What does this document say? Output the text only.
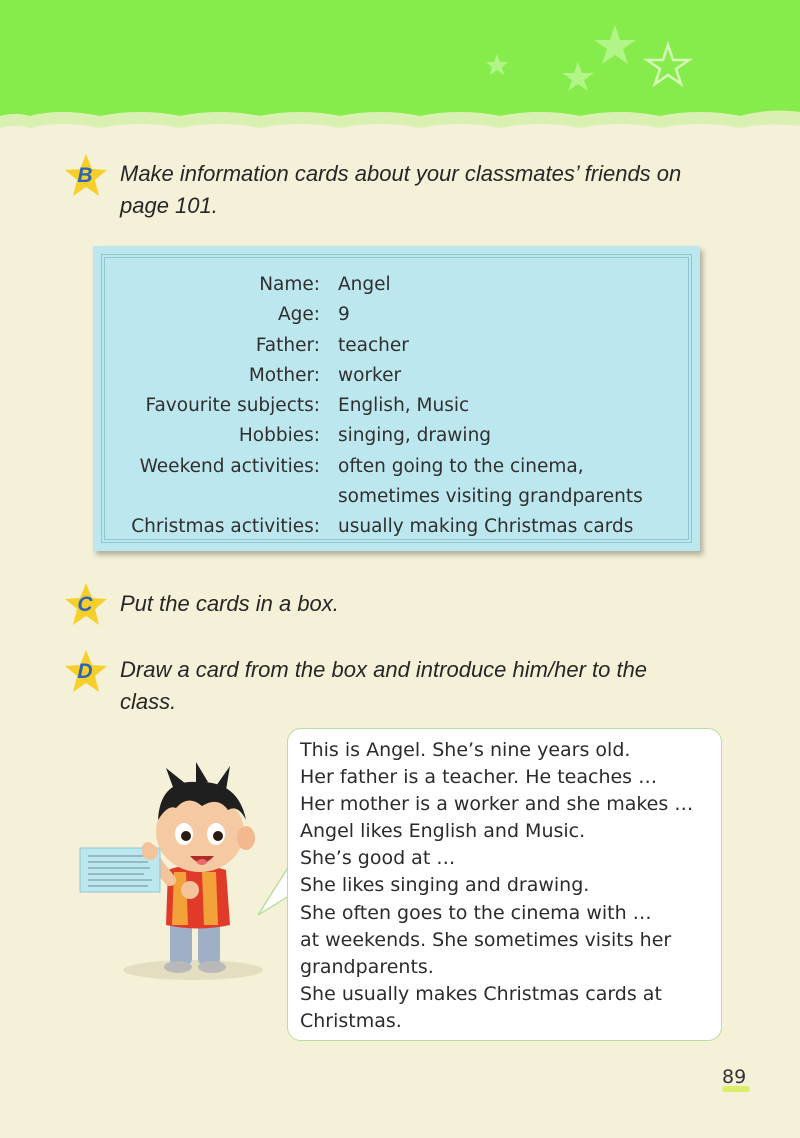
B	Make information cards about your classmates’ friends on
page 101.

Name: Angel
Age: 9
Father: teacher
Mother: worker
Favourite subjects: English, Music
Hobbies: singing, drawing
Weekend activities: often going to the cinema,
sometimes visiting grandparents
Christmas activities: usually making Christmas cards
C	Put the cards in a box.

D	Draw a card from the box and introduce him/her to the
class.

This is Angel. She’s nine years old.
Her father is a teacher. He teaches …
Her mother is a worker and she makes …
Angel likes English and Music.
She’s good at …
She likes singing and drawing.
She often goes to the cinema with …
at weekends. She sometimes visits her
grandparents.
She usually makes Christmas cards at
Christmas.

89
